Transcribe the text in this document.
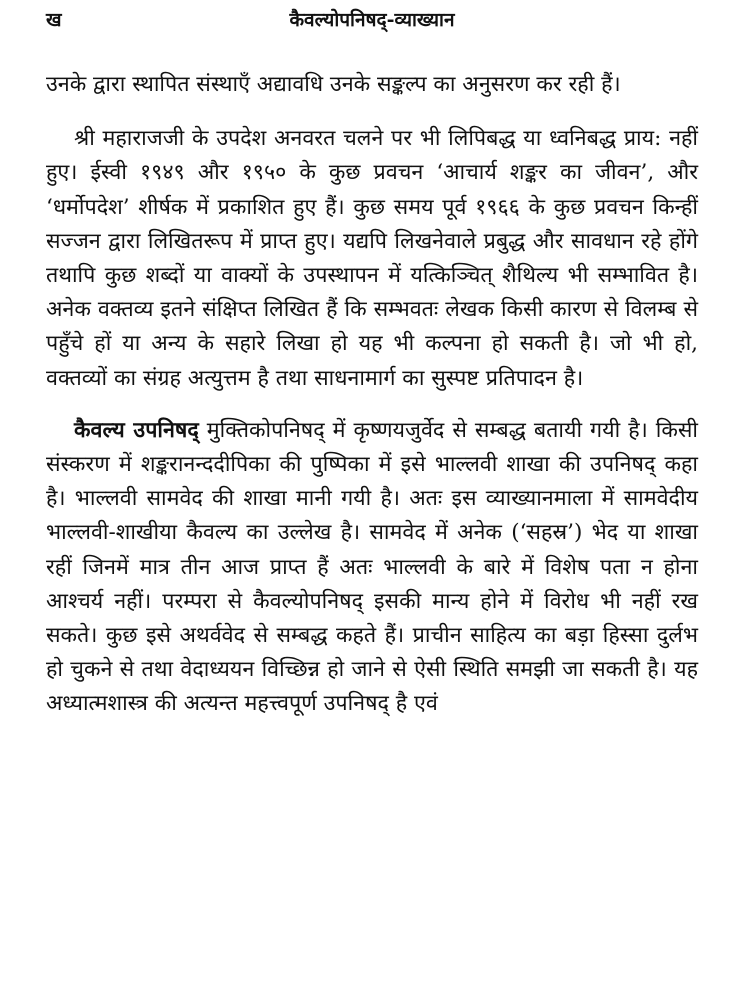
ख	कैवल्योपनिषद्-व्याख्यान

उनके द्वारा स्थापित संस्थाएँ अद्यावधि उनके सङ्कल्प का अनुसरण कर रही हैं।

श्री महाराजजी के उपदेश अनवरत चलने पर भी लिपिबद्ध या ध्वनिबद्ध प्राय: नहीं हुए। ईस्वी १९४९ और १९५० के कुछ प्रवचन ‘आचार्य शङ्कर का जीवन’, और ‘धर्मोपदेश’ शीर्षक में प्रकाशित हुए हैं। कुछ समय पूर्व १९६६ के कुछ प्रवचन किन्हीं सज्जन द्वारा लिखितरूप में प्राप्त हुए। यद्यपि लिखनेवाले प्रबुद्ध और सावधान रहे होंगे तथापि कुछ शब्दों या वाक्यों के उपस्थापन में यत्किञ्चित् शैथिल्य भी सम्भावित है। अनेक वक्तव्य इतने संक्षिप्त लिखित हैं कि सम्भवतः लेखक किसी कारण से विलम्ब से पहुँचे हों या अन्य के सहारे लिखा हो यह भी कल्पना हो सकती है। जो भी हो, वक्तव्यों का संग्रह अत्युत्तम है तथा साधनामार्ग का सुस्पष्ट प्रतिपादन है।

कैवल्य उपनिषद् मुक्तिकोपनिषद् में कृष्णयजुर्वेद से सम्बद्ध बतायी गयी है। किसी संस्करण में शङ्करानन्ददीपिका की पुष्पिका में इसे भाल्लवी शाखा की उपनिषद् कहा है। भाल्लवी सामवेद की शाखा मानी गयी है। अतः इस व्याख्यानमाला में सामवेदीय भाल्लवी-शाखीया कैवल्य का उल्लेख है। सामवेद में अनेक (‘सहस्र’) भेद या शाखा रहीं जिनमें मात्र तीन आज प्राप्त हैं अतः भाल्लवी के बारे में विशेष पता न होना आश्चर्य नहीं। परम्परा से कैवल्योपनिषद् इसकी मान्य होने में विरोध भी नहीं रख सकते। कुछ इसे अथर्ववेद से सम्बद्ध कहते हैं। प्राचीन साहित्य का बड़ा हिस्सा दुर्लभ हो चुकने से तथा वेदाध्ययन विच्छिन्न हो जाने से ऐसी स्थिति समझी जा सकती है। यह अध्यात्मशास्त्र की अत्यन्त महत्त्वपूर्ण उपनिषद् है एवं
